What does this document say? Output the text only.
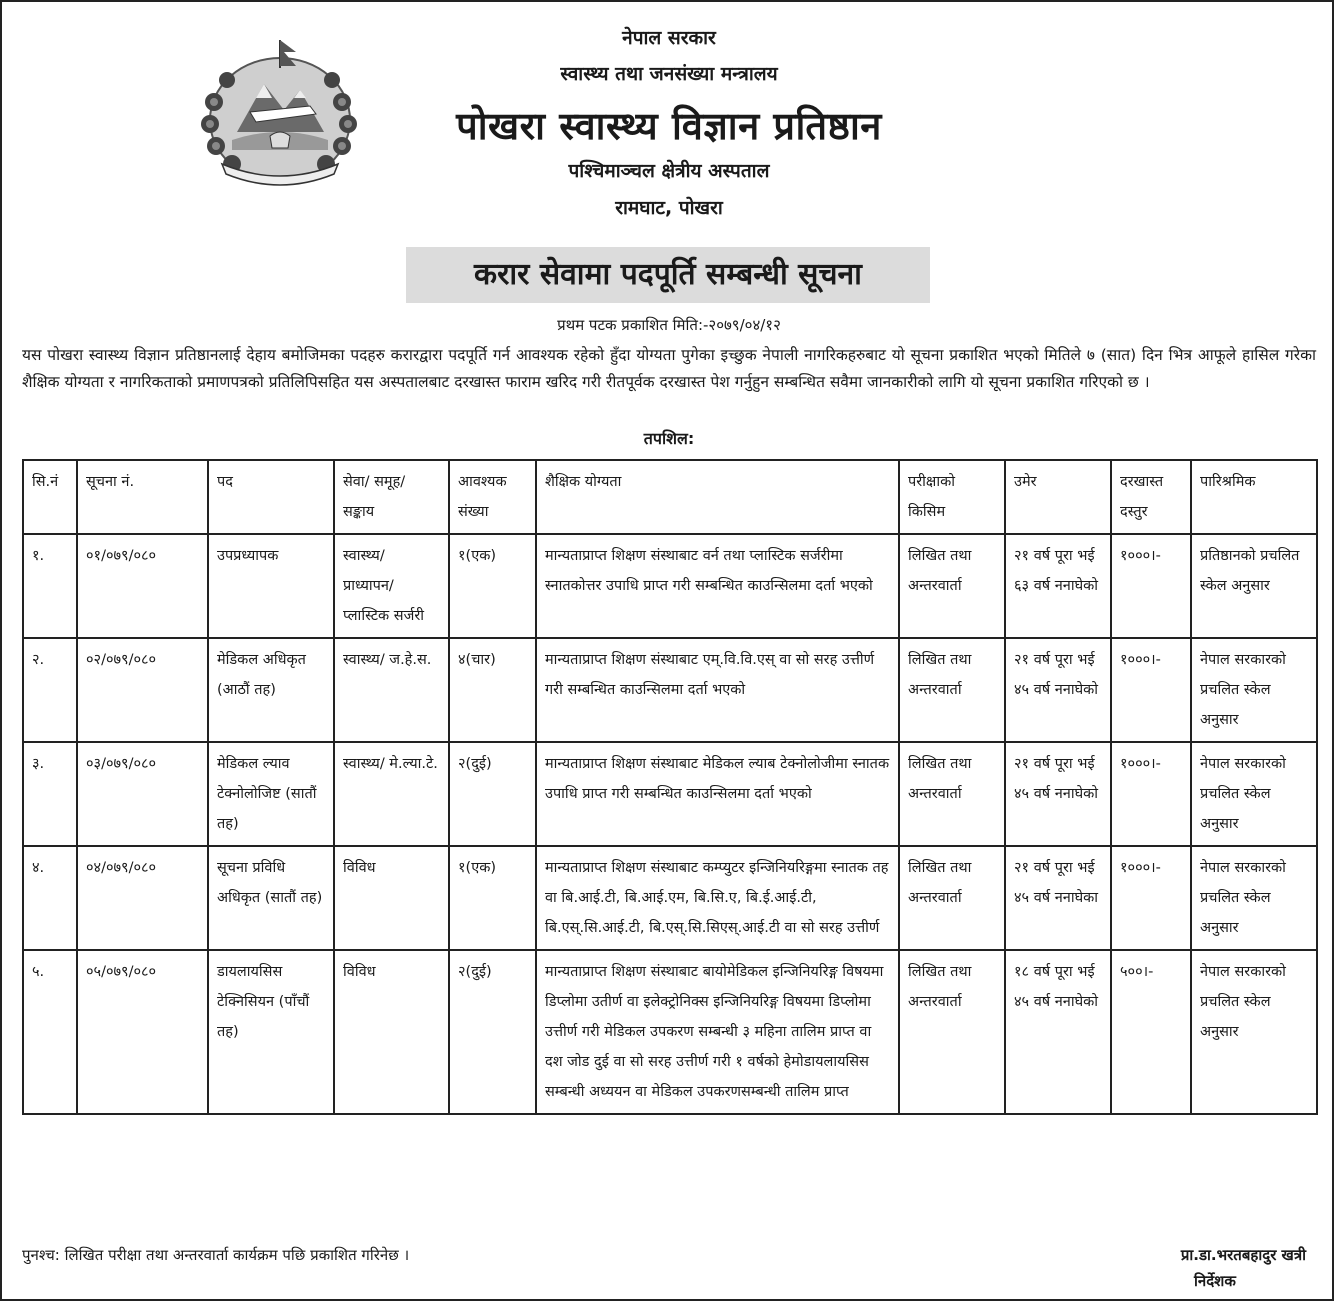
नेपाल सरकार
स्वास्थ्य तथा जनसंख्या मन्त्रालय
पोखरा स्वास्थ्य विज्ञान प्रतिष्ठान
पश्चिमाञ्चल क्षेत्रीय अस्पताल
रामघाट, पोखरा
करार सेवामा पदपूर्ति सम्बन्धी सूचना
प्रथम पटक प्रकाशित मिति:-२०७९/०४/१२
यस पोखरा स्वास्थ्य विज्ञान प्रतिष्ठानलाई देहाय बमोजिमका पदहरु करारद्वारा पदपूर्ति गर्न आवश्यक रहेको हुँदा योग्यता पुगेका इच्छुक नेपाली नागरिकहरुबाट यो सूचना प्रकाशित भएको मितिले ७ (सात) दिन भित्र आफूले हासिल गरेका शैक्षिक योग्यता र नागरिकताको प्रमाणपत्रको प्रतिलिपिसहित यस अस्पतालबाट दरखास्त फाराम खरिद गरी रीतपूर्वक दरखास्त पेश गर्नुहुन सम्बन्धित सवैमा जानकारीको लागि यो सूचना प्रकाशित गरिएको छ ।
तपशिल:
सि.नं	सूचना नं.	पद	सेवा/ समूह/ सङ्काय	आवश्यक संख्या	शैक्षिक योग्यता	परीक्षाको किसिम	उमेर	दरखास्त दस्तुर	पारिश्रमिक
१.	०१/०७९/०८०	उपप्रध्यापक	स्वास्थ्य/ प्राध्यापन/ प्लास्टिक सर्जरी	१(एक)	मान्यताप्राप्त शिक्षण संस्थाबाट वर्न तथा प्लास्टिक सर्जरीमा स्नातकोत्तर उपाधि प्राप्त गरी सम्बन्धित काउन्सिलमा दर्ता भएको	लिखित तथा अन्तरवार्ता	२१ वर्ष पूरा भई ६३ वर्ष ननाघेको	१०००।-	प्रतिष्ठानको प्रचलित स्केल अनुसार
२.	०२/०७९/०८०	मेडिकल अधिकृत (आठौं तह)	स्वास्थ्य/ ज.हे.स.	४(चार)	मान्यताप्राप्त शिक्षण संस्थाबाट एम्.वि.वि.एस् वा सो सरह उत्तीर्ण गरी सम्बन्धित काउन्सिलमा दर्ता भएको	लिखित तथा अन्तरवार्ता	२१ वर्ष पूरा भई ४५ वर्ष ननाघेको	१०००।-	नेपाल सरकारको प्रचलित स्केल अनुसार
३.	०३/०७९/०८०	मेडिकल ल्याव टेक्नोलोजिष्ट (सातौं तह)	स्वास्थ्य/ मे.ल्या.टे.	२(दुई)	मान्यताप्राप्त शिक्षण संस्थाबाट मेडिकल ल्याब टेक्नोलोजीमा स्नातक उपाधि प्राप्त गरी सम्बन्धित काउन्सिलमा दर्ता भएको	लिखित तथा अन्तरवार्ता	२१ वर्ष पूरा भई ४५ वर्ष ननाघेको	१०००।-	नेपाल सरकारको प्रचलित स्केल अनुसार
४.	०४/०७९/०८०	सूचना प्रविधि अधिकृत (सातौं तह)	विविध	१(एक)	मान्यताप्राप्त शिक्षण संस्थाबाट कम्प्युटर इन्जिनियरिङ्गमा स्नातक तह वा बि.आई.टी, बि.आई.एम, बि.सि.ए, बि.ई.आई.टी, बि.एस्.सि.आई.टी, बि.एस्.सि.सिएस्.आई.टी वा सो सरह उत्तीर्ण	लिखित तथा अन्तरवार्ता	२१ वर्ष पूरा भई ४५ वर्ष ननाघेका	१०००।-	नेपाल सरकारको प्रचलित स्केल अनुसार
५.	०५/०७९/०८०	डायलायसिस टेक्निसियन (पाँचौं तह)	विविध	२(दुई)	मान्यताप्राप्त शिक्षण संस्थाबाट बायोमेडिकल इन्जिनियरिङ्ग विषयमा डिप्लोमा उतीर्ण वा इलेक्ट्रोनिक्स इन्जिनियरिङ्ग विषयमा डिप्लोमा उत्तीर्ण गरी मेडिकल उपकरण सम्बन्धी ३ महिना तालिम प्राप्त वा दश जोड दुई वा सो सरह उत्तीर्ण गरी १ वर्षको हेमोडायलायसिस सम्बन्धी अध्ययन वा मेडिकल उपकरणसम्बन्धी तालिम प्राप्त	लिखित तथा अन्तरवार्ता	१८ वर्ष पूरा भई ४५ वर्ष ननाघेको	५००।-	नेपाल सरकारको प्रचलित स्केल अनुसार
पुनश्च: लिखित परीक्षा तथा अन्तरवार्ता कार्यक्रम पछि प्रकाशित गरिनेछ ।	प्रा.डा.भरतबहादुर खत्री
निर्देशक
